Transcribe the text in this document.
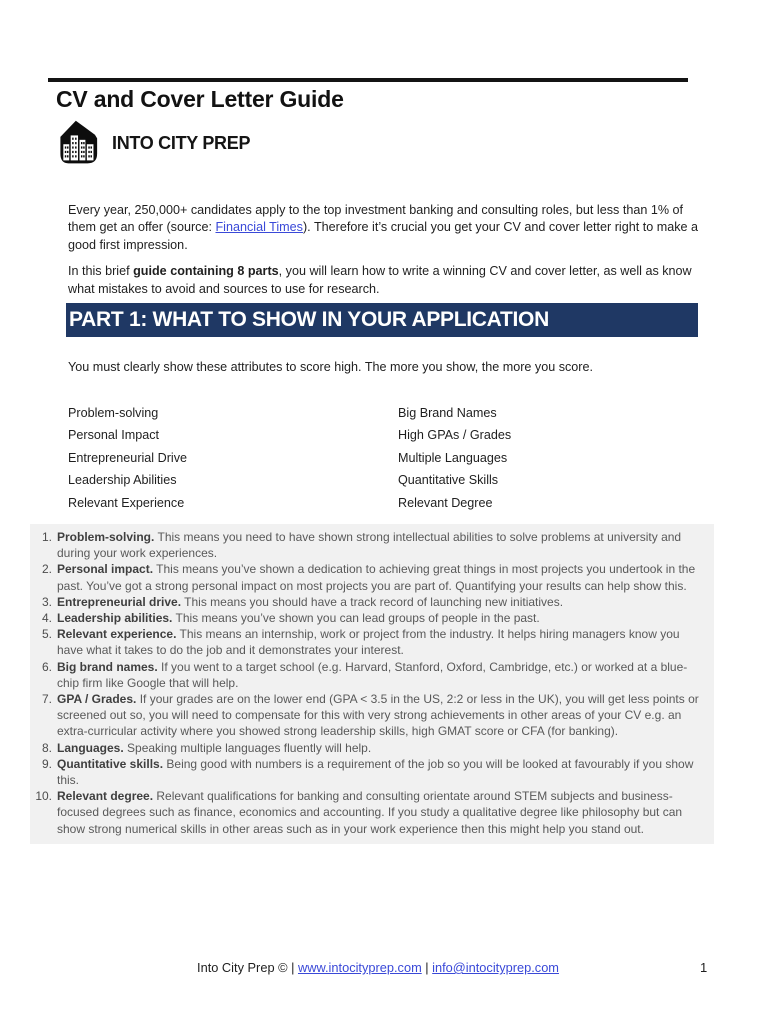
CV and Cover Letter Guide
INTO CITY PREP

Every year, 250,000+ candidates apply to the top investment banking and consulting roles, but less than 1% of them get an offer (source: Financial Times). Therefore it’s crucial you get your CV and cover letter right to make a good first impression.

In this brief guide containing 8 parts, you will learn how to write a winning CV and cover letter, as well as know what mistakes to avoid and sources to use for research.

PART 1: WHAT TO SHOW IN YOUR APPLICATION

You must clearly show these attributes to score high. The more you show, the more you score.

Problem-solving
Personal Impact
Entrepreneurial Drive
Leadership Abilities
Relevant Experience
Big Brand Names
High GPAs / Grades
Multiple Languages
Quantitative Skills
Relevant Degree
1. Problem-solving. This means you need to have shown strong intellectual abilities to solve problems at university and during your work experiences.
2. Personal impact. This means you’ve shown a dedication to achieving great things in most projects you undertook in the past. You’ve got a strong personal impact on most projects you are part of. Quantifying your results can help show this.
3. Entrepreneurial drive. This means you should have a track record of launching new initiatives.
4. Leadership abilities. This means you’ve shown you can lead groups of people in the past.
5. Relevant experience. This means an internship, work or project from the industry. It helps hiring managers know you have what it takes to do the job and it demonstrates your interest.
6. Big brand names. If you went to a target school (e.g. Harvard, Stanford, Oxford, Cambridge, etc.) or worked at a blue-chip firm like Google that will help.
7. GPA / Grades. If your grades are on the lower end (GPA < 3.5 in the US, 2:2 or less in the UK), you will get less points or screened out so, you will need to compensate for this with very strong achievements in other areas of your CV e.g. an extra-curricular activity where you showed strong leadership skills, high GMAT score or CFA (for banking).
8. Languages. Speaking multiple languages fluently will help.
9. Quantitative skills. Being good with numbers is a requirement of the job so you will be looked at favourably if you show this.
10. Relevant degree. Relevant qualifications for banking and consulting orientate around STEM subjects and business-focused degrees such as finance, economics and accounting. If you study a qualitative degree like philosophy but can show strong numerical skills in other areas such as in your work experience then this might help you stand out.
Into City Prep © | www.intocityprep.com | info@intocityprep.com	1
